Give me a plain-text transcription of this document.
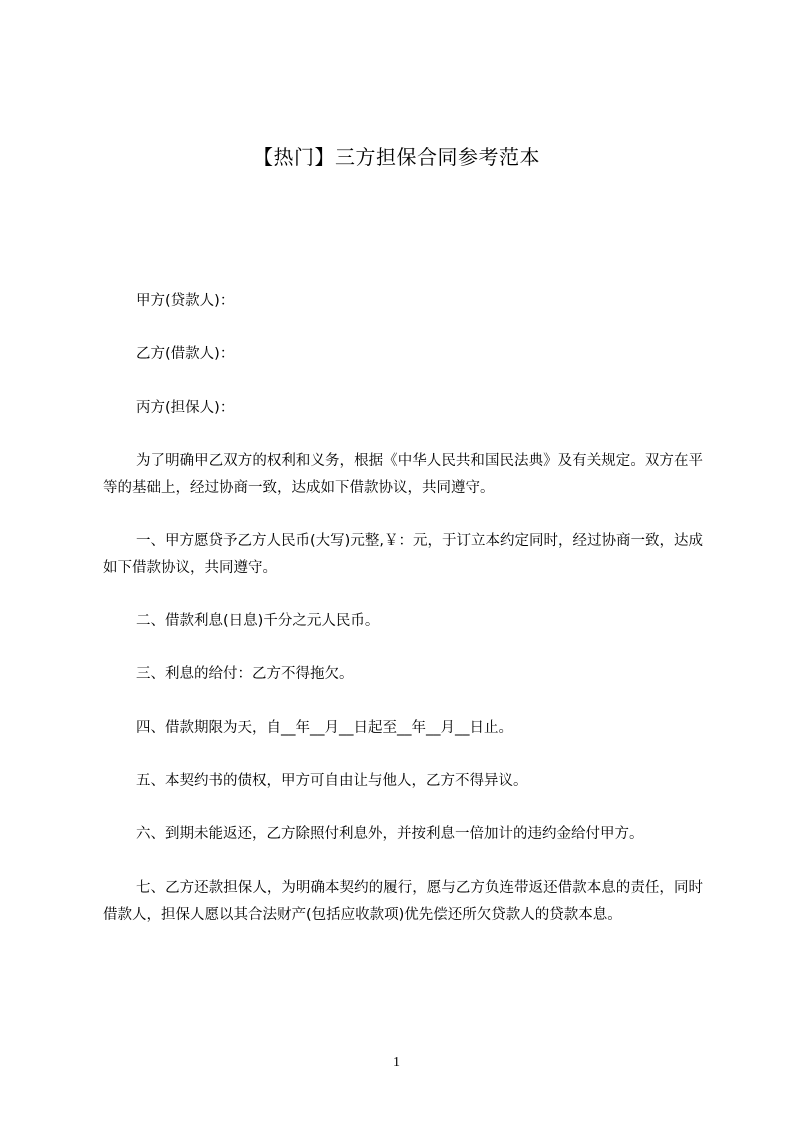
【热门】三方担保合同参考范本

甲方(贷款人)：

乙方(借款人)：

丙方(担保人)：

为了明确甲乙双方的权利和义务，根据《中华人民共和国民法典》及有关规定。双方在平等的基础上，经过协商一致，达成如下借款协议，共同遵守。

一、甲方愿贷予乙方人民币(大写)元整,￥：元，于订立本约定同时，经过协商一致，达成如下借款协议，共同遵守。

二、借款利息(日息)千分之元人民币。

三、利息的给付：乙方不得拖欠。

四、借款期限为天，自__年__月__日起至__年__月__日止。

五、本契约书的债权，甲方可自由让与他人，乙方不得异议。

六、到期未能返还，乙方除照付利息外，并按利息一倍加计的违约金给付甲方。

七、乙方还款担保人，为明确本契约的履行，愿与乙方负连带返还借款本息的责任，同时借款人，担保人愿以其合法财产(包括应收款项)优先偿还所欠贷款人的贷款本息。

1
